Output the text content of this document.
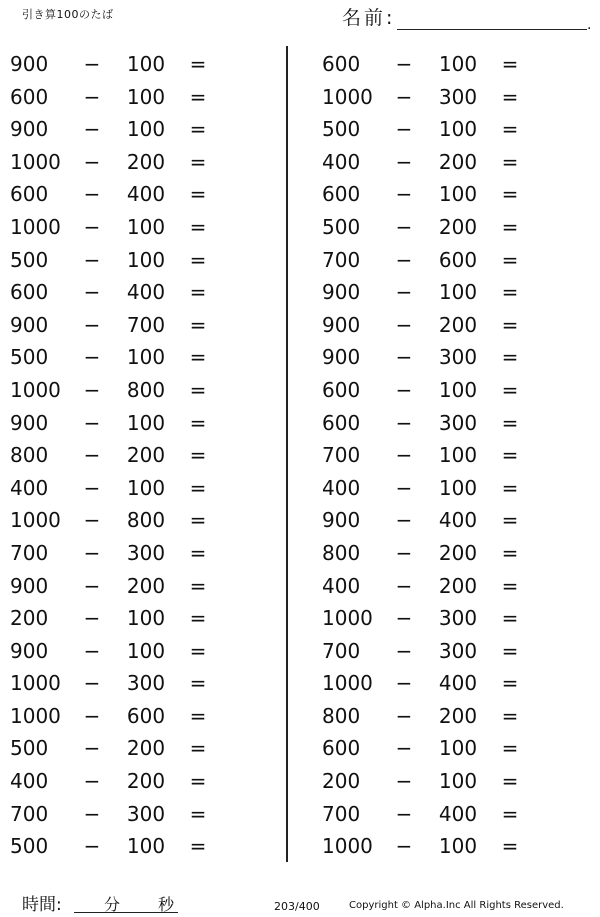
引き算100のたば	名前:	.
900	− 100 =
600	− 100 =
900	− 100 =
1000 − 200 =
600	− 400 =
1000 − 100 =
500	− 100 =
600	− 400 =
900	− 700 =
500	− 100 =
1000 − 800 =
900	− 100 =
800	− 200 =
400	− 100 =
1000 − 800 =
700	− 300 =
900	− 200 =
200	− 100 =
900	− 100 =
1000 − 300 =
1000 − 600 =
500	− 200 =
400	− 200 =
700	− 300 =
500	− 100 =
600	− 100 =
1000 − 300 =
500	− 100 =
400	− 200 =
600	− 100 =
500	− 200 =
700	− 600 =
900	− 100 =
900	− 200 =
900	− 300 =
600	− 100 =
600	− 300 =
700	− 100 =
400	− 100 =
900	− 400 =
800	− 200 =
400	− 200 =
1000 − 300 =
700	− 300 =
1000 − 400 =
800	− 200 =
600	− 100 =
200	− 100 =
700	− 400 =
1000 − 100 =
時間:	分 秒	203/400	Copyright © Alpha.Inc All Rights Reserved.
